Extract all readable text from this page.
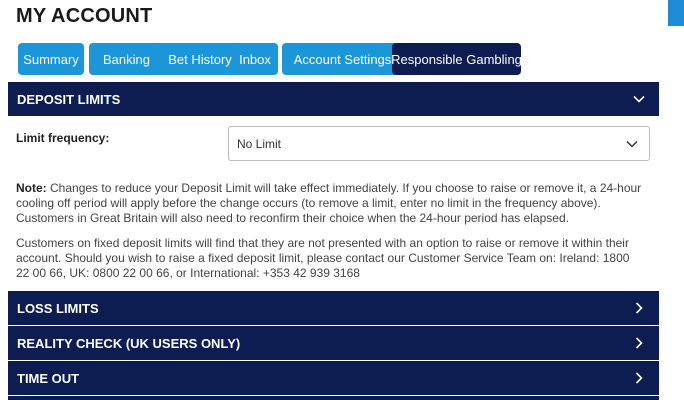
MY ACCOUNT
Summary	Banking	Bet History Inbox	Account Settings Responsible Gambling
DEPOSIT LIMITS
Limit frequency:	No Limit
Note: Changes to reduce your Deposit Limit will take effect immediately. If you choose to raise or remove it, a 24-hour cooling off period will apply before the change occurs (to remove a limit, enter no limit in the frequency above). Customers in Great Britain will also need to reconfirm their choice when the 24-hour period has elapsed.
Customers on fixed deposit limits will find that they are not presented with an option to raise or remove it within their account. Should you wish to raise a fixed deposit limit, please contact our Customer Service Team on: Ireland: 1800 22 00 66, UK: 0800 22 00 66, or International: +353 42 939 3168
LOSS LIMITS
REALITY CHECK (UK USERS ONLY)
TIME OUT
